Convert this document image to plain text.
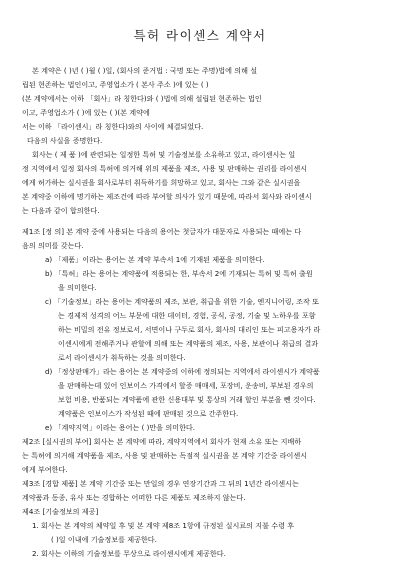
특허 라이센스 계약서
본 계약은 ( )년 ( )월 ( )일, (회사의 준거법 : 국명 또는 주명)법에 의해 설
립된 현존하는 법인이고, 주영업소가 ( 본사 주소 )에 있는 ( )
(본 계약에서는 이하 「회사」라 칭한다)와 ( )법에 의해 설립된 현존하는 법인
이고, 주영업소가 ( )에 있는 ( )(본 계약에
서는 이하 「라이센시」라 칭한다)와의 사이에 체결되었다.
다음의 사실을 증명한다.
회사는 ( 제 품 )에 관련되는 일정한 특허 및 기술정보를 소유하고 있고, 라이센시는 일
정 지역에서 일정 회사의 특허에 의거해 위의 제품을 제조, 사용 및 판매하는 권리를 라이센시
에게 허가하는 실시권을 회사로부터 취득하기를 희망하고 있고, 회사는 그와 같은 실시권을
본 계약중 이하에 명기하는 제조건에 따라 부여할 의사가 있기 때문에, 따라서 회사와 라이센시
는 다음과 같이 합의한다.
제1조 [정 의] 본 계약 중에 사용되는 다음의 용어는 첫글자가 대문자로 사용되는 때에는 다
음의 의미를 갖는다.
a) 「제품」이라는 용어는 본 계약 부속서 1에 기재된 제품을 의미한다.
b) 「특허」라는 용어는 계약품에 적용되는 한, 부속서 2에 기재되는 특허 및 특허 출원
을 의미한다.
c) 「기술정보」라는 용어는 계약품의 제조, 보관, 취급을 위한 기술, 엔지니어링, 조작 또
는 경제적 성격의 어느 부문에 대한 데이터, 경험, 공식, 공정, 기술 및 노하우를 포함
하는 비밀의 전유 정보로서, 서면이나 구두로 회사, 회사의 대리인 또는 피고용자가 라
이센시에게 전해주거나 관할에 의해 또는 계약품의 제조, 사용, 보관이나 취급의 결과
로서 라이센시가 취득하는 것을 의미한다.
d) 「정상판매가」라는 용어는 본 계약중의 이하에 정의되는 지역에서 라이센시가 계약품
을 판매하는데 있어 인보이스 가격에서 할증 매매세, 포장비, 운송비, 부보된 경우의
보험 비용, 반품되는 계약품에 관한 신용대부 및 통상의 거래 할인 부분을 뺀 것이다.
계약품은 인보이스가 작성된 때에 판매된 것으로 간주한다.
e) 「계약지역」이라는 용어는 ( )만을 의미한다.
제2조 [실시권의 부여] 회사는 본 계약에 따라, 계약지역에서 회사가 현재 소유 또는 지배하
는 특허에 의거해 계약품을 제조, 사용 및 판매하는 독점적 실시권을 본 계약 기간중 라이센시
에게 부여한다.
제3조 [경합 제품] 본 계약 기간중 또는 만일의 경우 연장기간과 그 뒤의 1년간 라이센시는
계약품과 동종, 유사 또는 경합하는 어떠한 다른 제품도 제조하지 않는다.
제4조 [기술정보의 제공]
1. 회사는 본 계약의 체약일 후 및 본 계약 제8조 1항에 규정된 실시료의 지불 수령 후
( )일 이내에 기술정보를 제공한다.
2. 회사는 이하의 기술정보를 무상으로 라이센시에게 제공한다.
